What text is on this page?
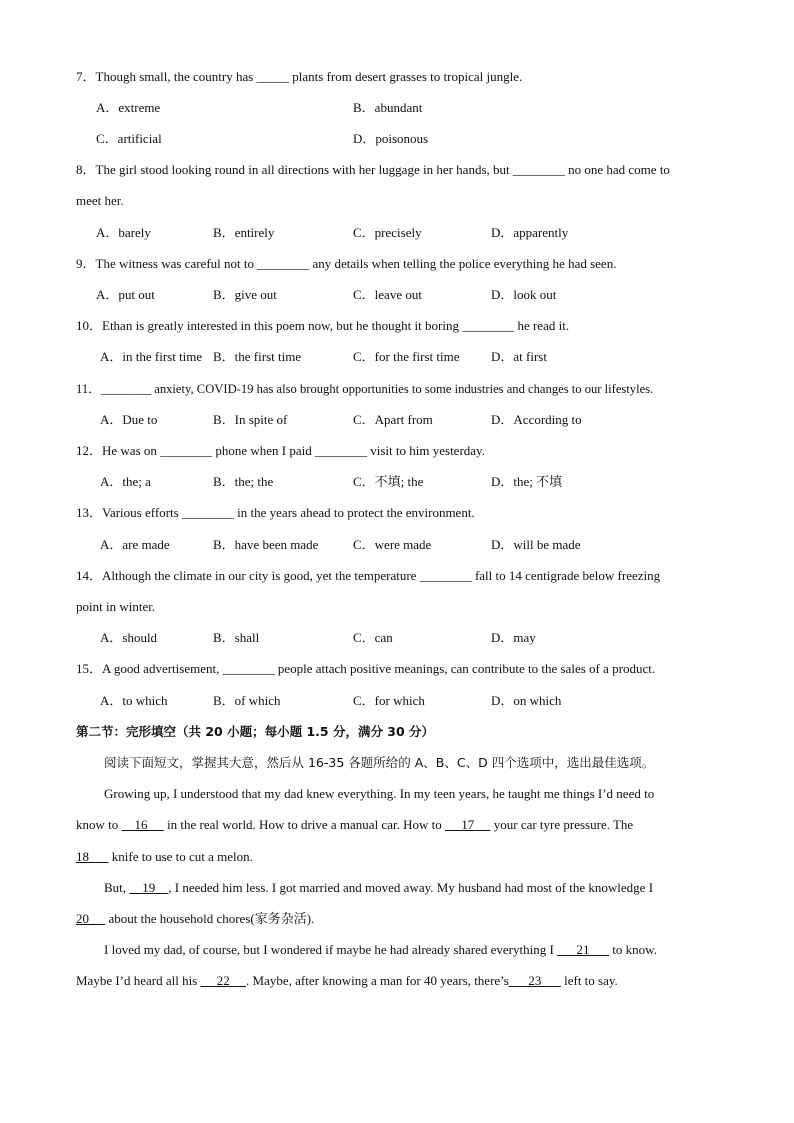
7．Though small, the country has _____ plants from desert grasses to tropical jungle.
A．extreme	B．abundant
C．artificial	D．poisonous
8．The girl stood looking round in all directions with her luggage in her hands, but ________ no one had come to
meet her.
A．barely	B．entirely	C．precisely	D．apparently
9．The witness was careful not to ________ any details when telling the police everything he had seen.
A．put out	B．give out	C．leave out	D．look out
10．Ethan is greatly interested in this poem now, but he thought it boring ________ he read it.
A．in the first time B．the first time	C．for the first time D．at first
11．________ anxiety, COVID-19 has also brought opportunities to some industries and changes to our lifestyles.
A．Due to	B．In spite of	C．Apart from	D．According to
12．He was on ________ phone when I paid ________ visit to him yesterday.
A．the; a	B．the; the	C．不填; the	D．the; 不填
13．Various efforts ________ in the years ahead to protect the environment.
A．are made	B．have been made	C．were made	D．will be made
14．Although the climate in our city is good, yet the temperature ________ fall to 14 centigrade below freezing
point in winter.
A．should	B．shall	C．can	D．may
15．A good advertisement, ________ people attach positive meanings, can contribute to the sales of a product.
A．to which	B．of which	C．for which	D．on which
第二节：完形填空（共 20 小题；每小题 1.5 分，满分 30 分）
阅读下面短文，掌握其大意，然后从 16-35 各题所给的 A、B、C、D 四个选项中，选出最佳选项。
Growing up, I understood that my dad knew everything. In my teen years, he taught me things I’d need to
know to 16 in the real world. How to drive a manual car. How to 17 your car tyre pressure. The
18 knife to use to cut a melon.
But, 19 , I needed him less. I got married and moved away. My husband had most of the knowledge I
20 about the household chores(家务杂活).
I loved my dad, of course, but I wondered if maybe he had already shared everything I 21 to know.
Maybe I’d heard all his 22 . Maybe, after knowing a man for 40 years, there’s 23 left to say.
